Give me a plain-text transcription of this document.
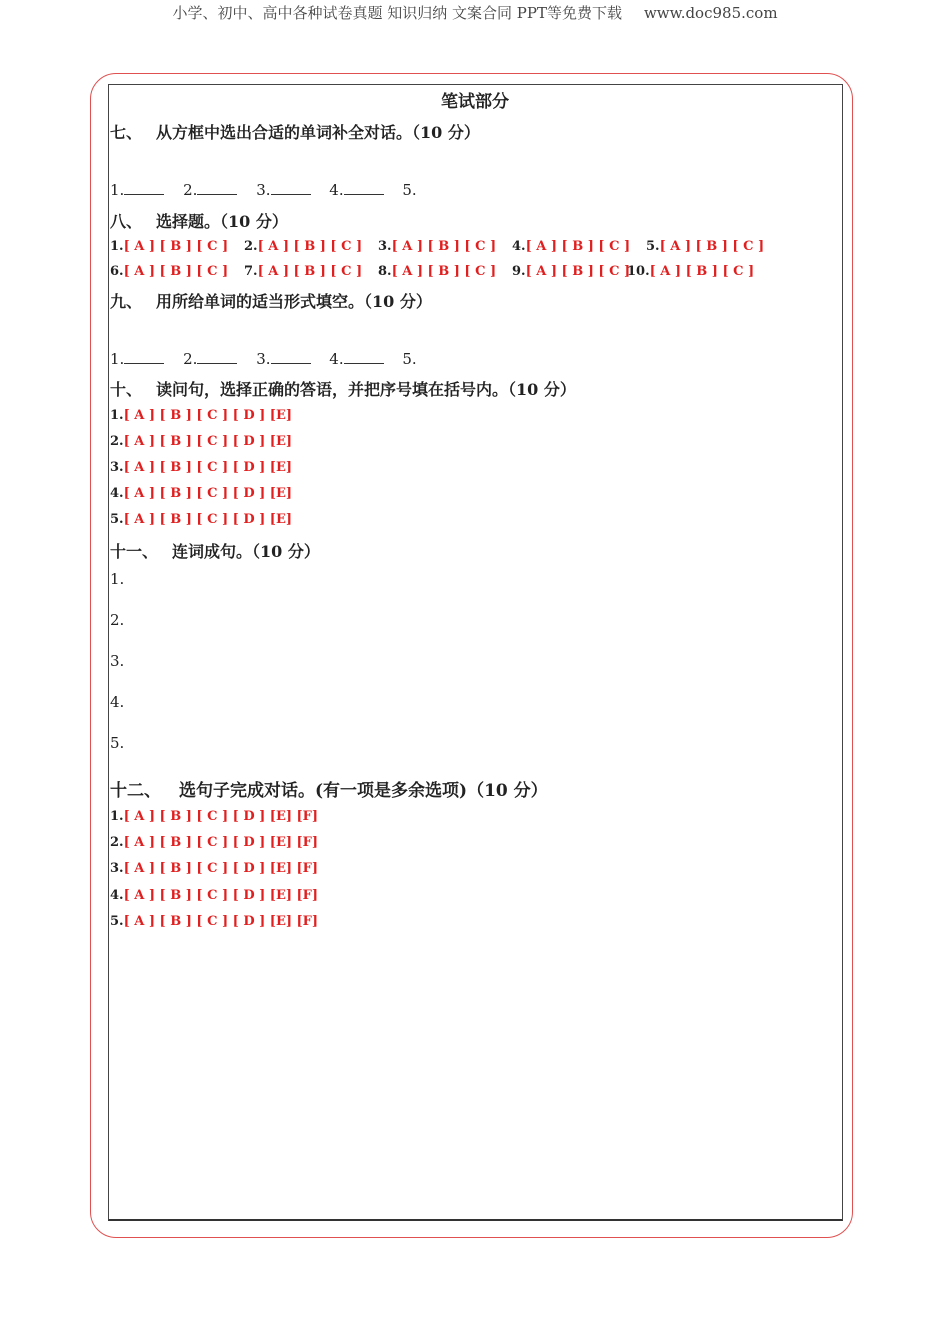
小学、初中、高中各种试卷真题 知识归纳 文案合同 PPT等免费下载 www.doc985.com
笔试部分
七、 从方框中选出合适的单词补全对话。（10 分）
1.	2.	3.	4.	5.
八、 选择题。（10 分）
1.[ A ] [ B ] [ C ] 2.[ A ] [ B ] [ C ] 3.[ A ] [ B ] [ C ] 4.[ A ] [ B ] [ C ] 5.[ A ] [ B ] [ C ]
6.[ A ] [ B ] [ C ] 7.[ A ] [ B ] [ C ] 8.[ A ] [ B ] [ C ] 9.[ A ] [ B ] [ C ]
10.[ A ] [ B ] [ C ]
九、 用所给单词的适当形式填空。（10 分）
1.	2.	3.	4.	5.
十、 读问句，选择正确的答语，并把序号填在括号内。（10 分）
1.[ A ] [ B ] [ C ] [ D ] [E]
2.[ A ] [ B ] [ C ] [ D ] [E]
3.[ A ] [ B ] [ C ] [ D ] [E]
4.[ A ] [ B ] [ C ] [ D ] [E]
5.[ A ] [ B ] [ C ] [ D ] [E]
十一、 连词成句。（10 分）
1.
2.
3.
4.
5.
十二、 选句子完成对话。(有一项是多余选项)（10 分）
1.[ A ] [ B ] [ C ] [ D ] [E] [F]
2.[ A ] [ B ] [ C ] [ D ] [E] [F]
3.[ A ] [ B ] [ C ] [ D ] [E] [F]
4.[ A ] [ B ] [ C ] [ D ] [E] [F]
5.[ A ] [ B ] [ C ] [ D ] [E] [F]
